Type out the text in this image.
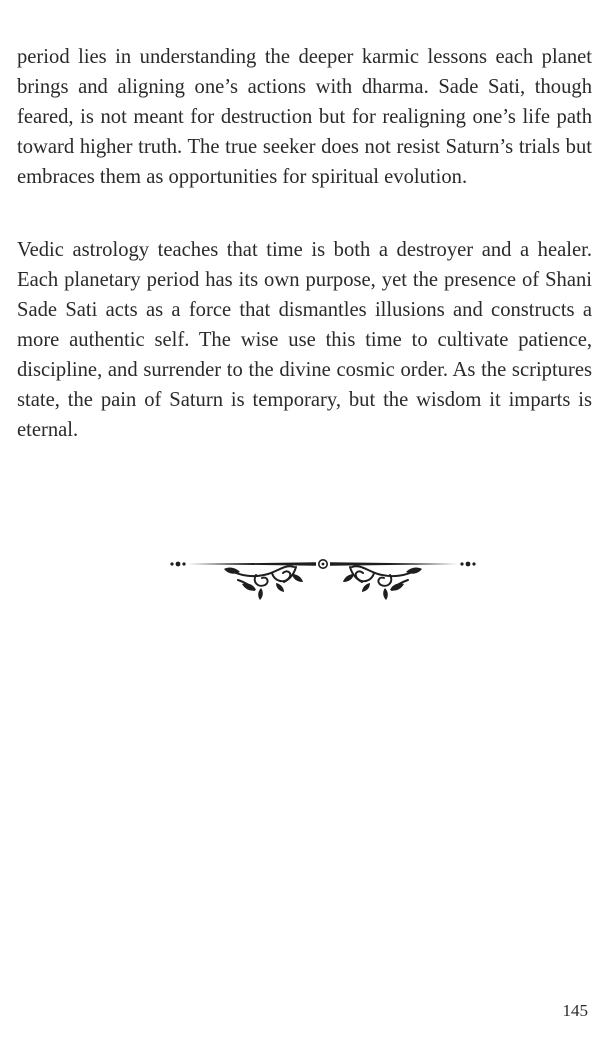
period lies in understanding the deeper karmic lessons each planet brings and aligning one’s actions with dharma. Sade Sati, though feared, is not meant for destruction but for realigning one’s life path toward higher truth. The true seeker does not resist Saturn’s trials but embraces them as opportunities for spiritual evolution.

Vedic astrology teaches that time is both a destroyer and a healer. Each planetary period has its own purpose, yet the presence of Shani Sade Sati acts as a force that dismantles illusions and constructs a more authentic self. The wise use this time to cultivate patience, discipline, and surrender to the divine cosmic order. As the scriptures state, the pain of Saturn is temporary, but the wisdom it imparts is eternal.

145
